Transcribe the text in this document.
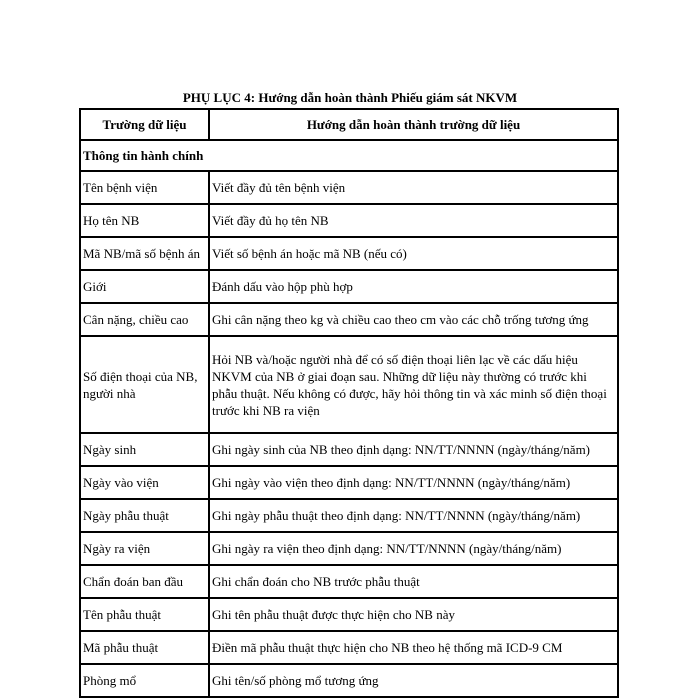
PHỤ LỤC 4: Hướng dẫn hoàn thành Phiếu giám sát NKVM
Trường dữ liệu	Hướng dẫn hoàn thành trường dữ liệu
Thông tin hành chính	
Tên bệnh viện	Viết đầy đủ tên bệnh viện
Họ tên NB	Viết đầy đủ họ tên NB
Mã NB/mã số bệnh án	Viết số bệnh án hoặc mã NB (nếu có)
Giới	Đánh dấu vào hộp phù hợp
Cân nặng, chiều cao	Ghi cân nặng theo kg và chiều cao theo cm vào các chỗ trống tương ứng
Số điện thoại của NB, người nhà	Hỏi NB và/hoặc người nhà để có số điện thoại liên lạc về các dấu hiệu NKVM của NB ở giai đoạn sau. Những dữ liệu này thường có trước khi phẫu thuật. Nếu không có được, hãy hỏi thông tin và xác minh số điện thoại trước khi NB ra viện
Ngày sinh	Ghi ngày sinh của NB theo định dạng: NN/TT/NNNN (ngày/tháng/năm)
Ngày vào viện	Ghi ngày vào viện theo định dạng: NN/TT/NNNN (ngày/tháng/năm)
Ngày phẫu thuật	Ghi ngày phẫu thuật theo định dạng: NN/TT/NNNN (ngày/tháng/năm)
Ngày ra viện	Ghi ngày ra viện theo định dạng: NN/TT/NNNN (ngày/tháng/năm)
Chẩn đoán ban đầu	Ghi chẩn đoán cho NB trước phẫu thuật
Tên phẫu thuật	Ghi tên phẫu thuật được thực hiện cho NB này
Mã phẫu thuật	Điền mã phẫu thuật thực hiện cho NB theo hệ thống mã ICD-9 CM
Phòng mổ	Ghi tên/số phòng mổ tương ứng
